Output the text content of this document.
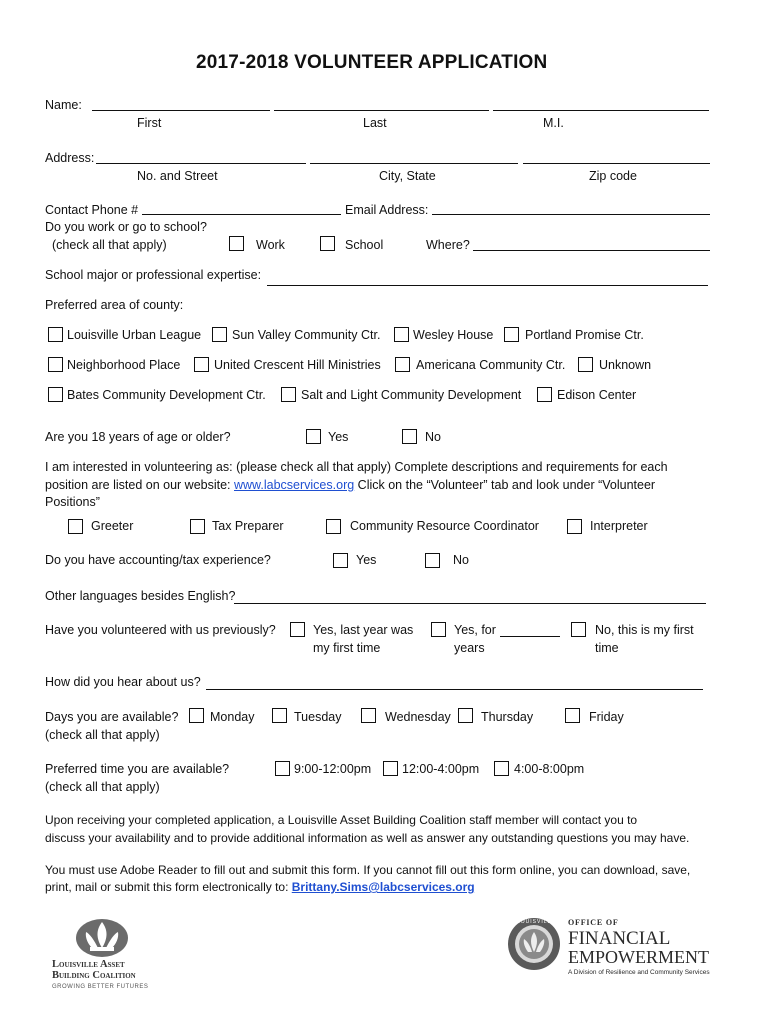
2017-2018 VOLUNTEER APPLICATION
Name:
First	Last	M.I.
Address:
No. and Street	City, State	Zip code
Contact Phone #	Email Address:
Do you work or go to school?
(check all that apply)	Work	School	Where?
School major or professional expertise:
Preferred area of county:
Louisville Urban League Sun Valley Community Ctr.	Wesley House	Portland Promise Ctr.
Neighborhood Place	United Crescent Hill Ministries	Americana Community Ctr.	Unknown
Bates Community Development Ctr.	Salt and Light Community Development	Edison Center
Are you 18 years of age or older?	Yes	No
I am interested in volunteering as: (please check all that apply) Complete descriptions and requirements for each
position are listed on our website: www.labcservices.org Click on the “Volunteer” tab and look under “Volunteer
Positions”
Greeter	Tax Preparer	Community Resource Coordinator	Interpreter
Do you have accounting/tax experience?	Yes	No
Other languages besides English?
Have you volunteered with us previously?	Yes, last year was
my first time
Yes, for
years
No, this is my first
time
How did you hear about us?
Days you are available?
(check all that apply)
Monday	Tuesday	Wednesday Thursday	Friday
Preferred time you are available?
(check all that apply)
9:00-12:00pm 12:00-4:00pm	4:00-8:00pm
Upon receiving your completed application, a Louisville Asset Building Coalition staff member will contact you to
discuss your availability and to provide additional information as well as answer any outstanding questions you may have.
You must use Adobe Reader to fill out and submit this form. If you cannot fill out this form online, you can download, save,
print, mail or submit this form electronically to: Brittany.Sims@labcservices.org
Louisville Asset
Building Coalition
GROWING BETTER FUTURES
LOUISVILLE OFFICE OF
FINANCIAL
EMPOWERMENT
A Division of Resilience and Community Services
